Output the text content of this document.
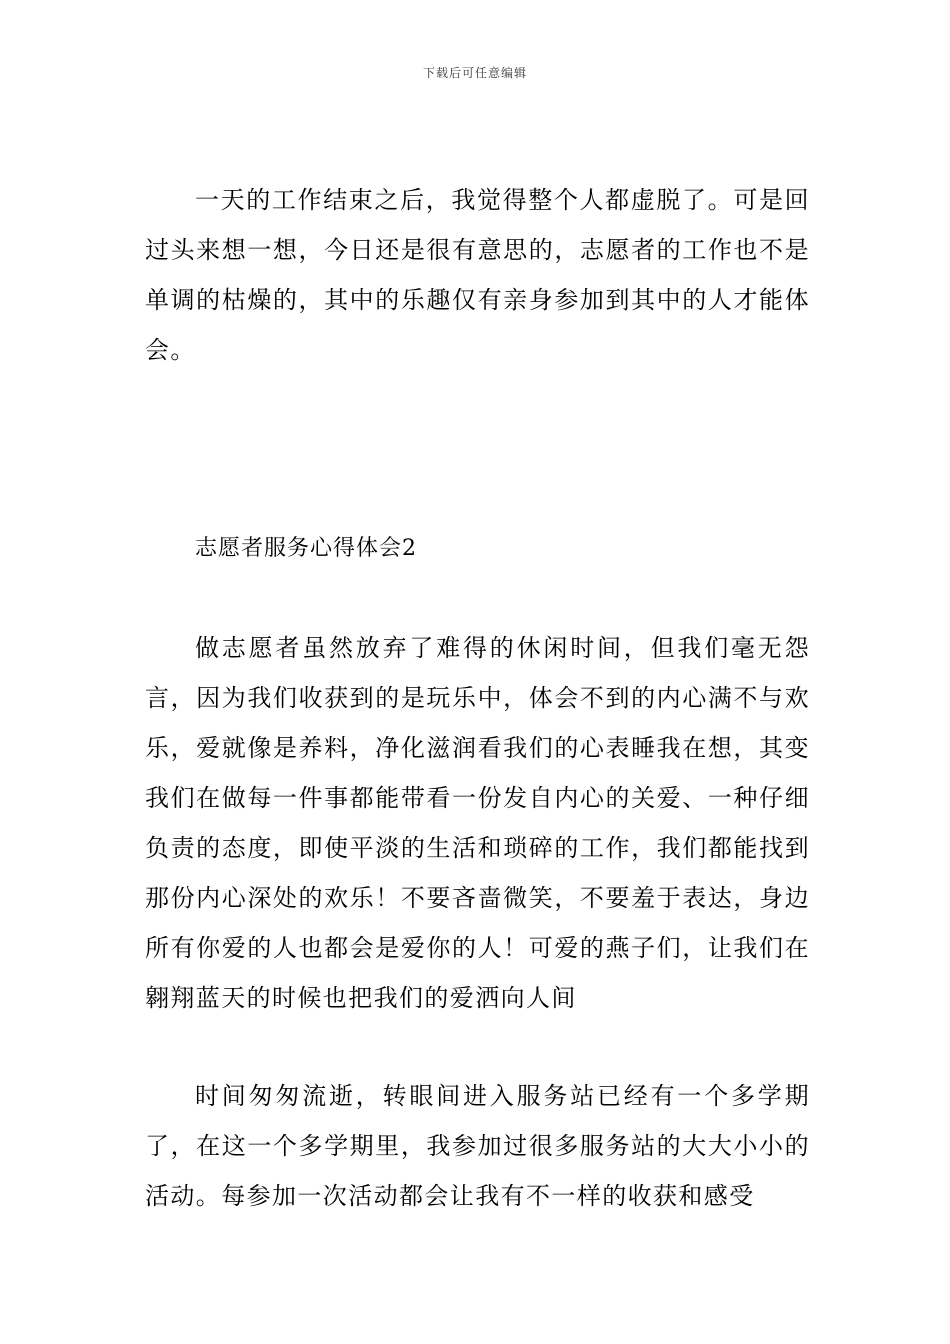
下载后可任意编辑

一天的工作结束之后，我觉得整个人都虚脱了。可是回过头来想一想，今日还是很有意思的，志愿者的工作也不是单调的枯燥的，其中的乐趣仅有亲身参加到其中的人才能体会。

志愿者服务心得体会2

做志愿者虽然放弃了难得的休闲时间，但我们毫无怨言，因为我们收获到的是玩乐中，体会不到的内心满不与欢乐，爱就像是养料，净化滋润看我们的心表睡我在想，其变我们在做每一件事都能带看一份发自内心的关爱、一种仔细负责的态度，即使平淡的生活和琐碎的工作，我们都能找到那份内心深处的欢乐！不要吝啬微笑，不要羞于表达，身边所有你爱的人也都会是爱你的人！可爱的燕子们，让我们在翱翔蓝天的时候也把我们的爱洒向人间

时间匆匆流逝，转眼间进入服务站已经有一个多学期了，在这一个多学期里，我参加过很多服务站的大大小小的活动。每参加一次活动都会让我有不一样的收获和感受
